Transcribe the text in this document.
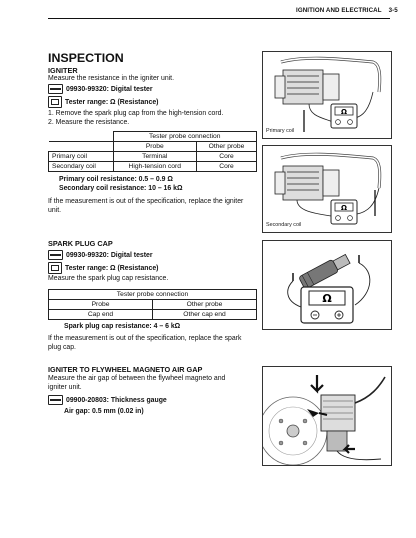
IGNITION AND ELECTRICAL 3-5
INSPECTION
IGNITER
Measure the resistance in the igniter unit.
09930-99320: Digital tester
Tester range: Ω (Resistance)
1. Remove the spark plug cap from the high-tension cord.
2. Measure the resistance.
	Tester probe connection	
	Probe	Other probe
Primary coil	Terminal	Core
Secondary coil	High-tension cord	Core
Primary coil resistance: 0.5 – 0.9 Ω
Secondary coil resistance: 10 – 16 kΩ
If the measurement is out of the specification, replace the igniter
unit.
SPARK PLUG CAP
09930-99320: Digital tester
Tester range: Ω (Resistance)
Measure the spark plug cap resistance.
Tester probe connection	
Probe	Other probe
Cap end	Other cap end
Spark plug cap resistance: 4 – 6 kΩ
If the measurement is out of the specification, replace the spark
plug cap.
IGNITER TO FLYWHEEL MAGNETO AIR GAP
Measure the air gap of between the flywheel magneto and
igniter unit.
09900-20803: Thickness gauge
Air gap: 0.5 mm (0.02 in)
Ω
Primary coil
Ω
Secondary coil
Ω
